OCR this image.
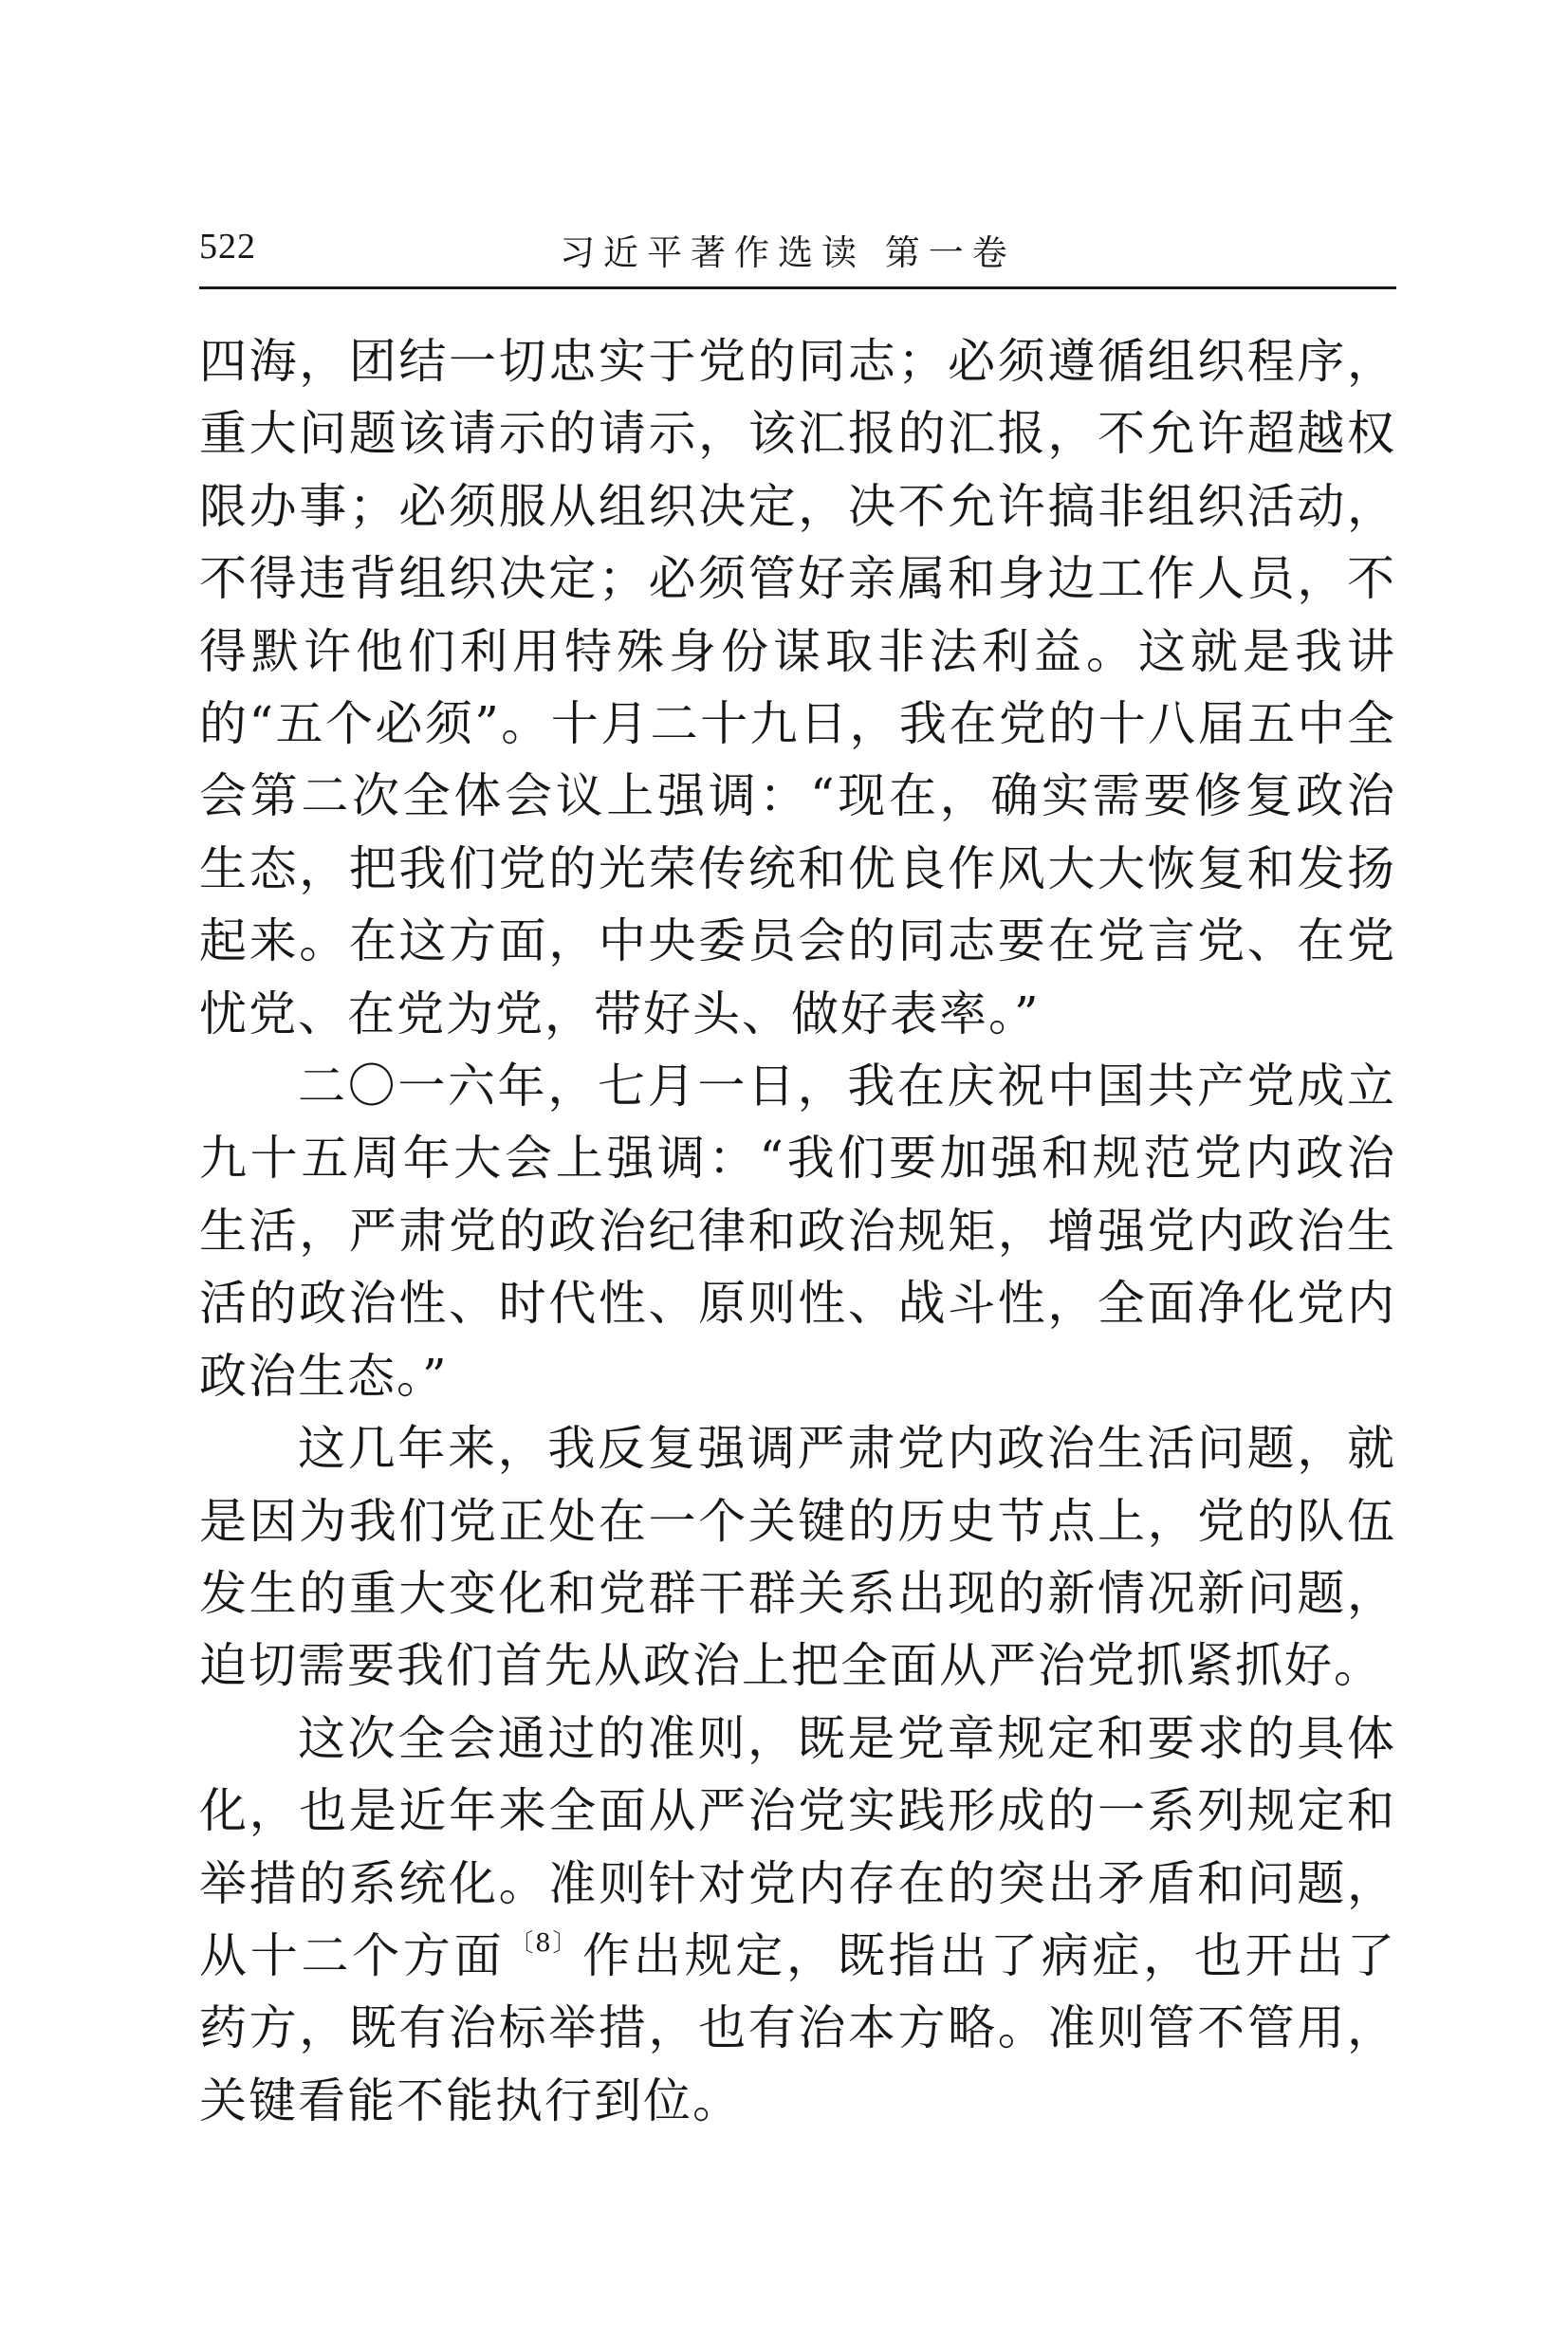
522	习近平著作选读 第一卷

四海，团结一切忠实于党的同志；必须遵循组织程序，重大问题该请示的请示，该汇报的汇报，不允许超越权限办事；必须服从组织决定，决不允许搞非组织活动，不得违背组织决定；必须管好亲属和身边工作人员，不得默许他们利用特殊身份谋取非法利益。这就是我讲的“五个必须”。十月二十九日，我在党的十八届五中全会第二次全体会议上强调：“现在，确实需要修复政治生态，把我们党的光荣传统和优良作风大大恢复和发扬起来。在这方面，中央委员会的同志要在党言党、在党忧党、在党为党，带好头、做好表率。”

二〇一六年，七月一日，我在庆祝中国共产党成立九十五周年大会上强调：“我们要加强和规范党内政治生活，严肃党的政治纪律和政治规矩，增强党内政治生活的政治性、时代性、原则性、战斗性，全面净化党内政治生态。”

这几年来，我反复强调严肃党内政治生活问题，就是因为我们党正处在一个关键的历史节点上，党的队伍发生的重大变化和党群干群关系出现的新情况新问题，迫切需要我们首先从政治上把全面从严治党抓紧抓好。

这次全会通过的准则，既是党章规定和要求的具体化，也是近年来全面从严治党实践形成的一系列规定和举措的系统化。准则针对党内存在的突出矛盾和问题，从十二个方面 $^{〔8〕}$作出规定，既指出了病症，也开出了药方，既有治标举措，也有治本方略。准则管不管用，关键看能不能执行到位。
